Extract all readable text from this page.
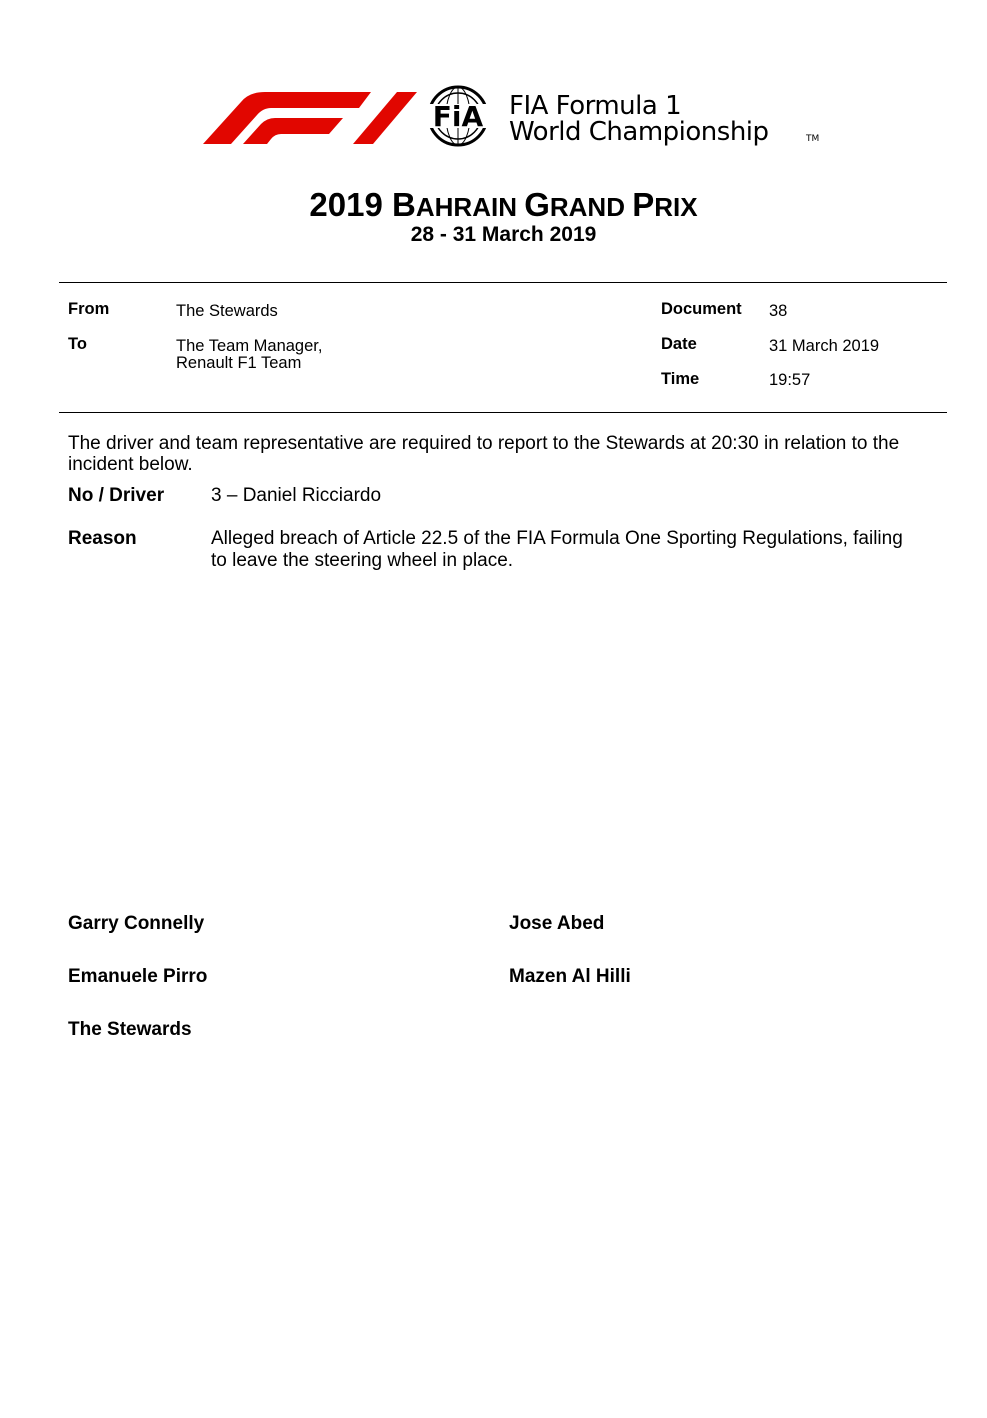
FiA FIA Formula 1
World Championship	TM
2019 BAHRAIN GRAND PRIX
28 - 31 March 2019
From	The Stewards
To	The Team Manager,
Renault F1 Team
Document 38
Date	31 March 2019
Time	19:57
The driver and team representative are required to report to the Stewards at 20:30 in relation to the
incident below.
No / Driver 3 – Daniel Ricciardo
Reason	Alleged breach of Article 22.5 of the FIA Formula One Sporting Regulations, failing
to leave the steering wheel in place.
Garry Connelly	Jose Abed
Emanuele Pirro	Mazen Al Hilli
The Stewards
